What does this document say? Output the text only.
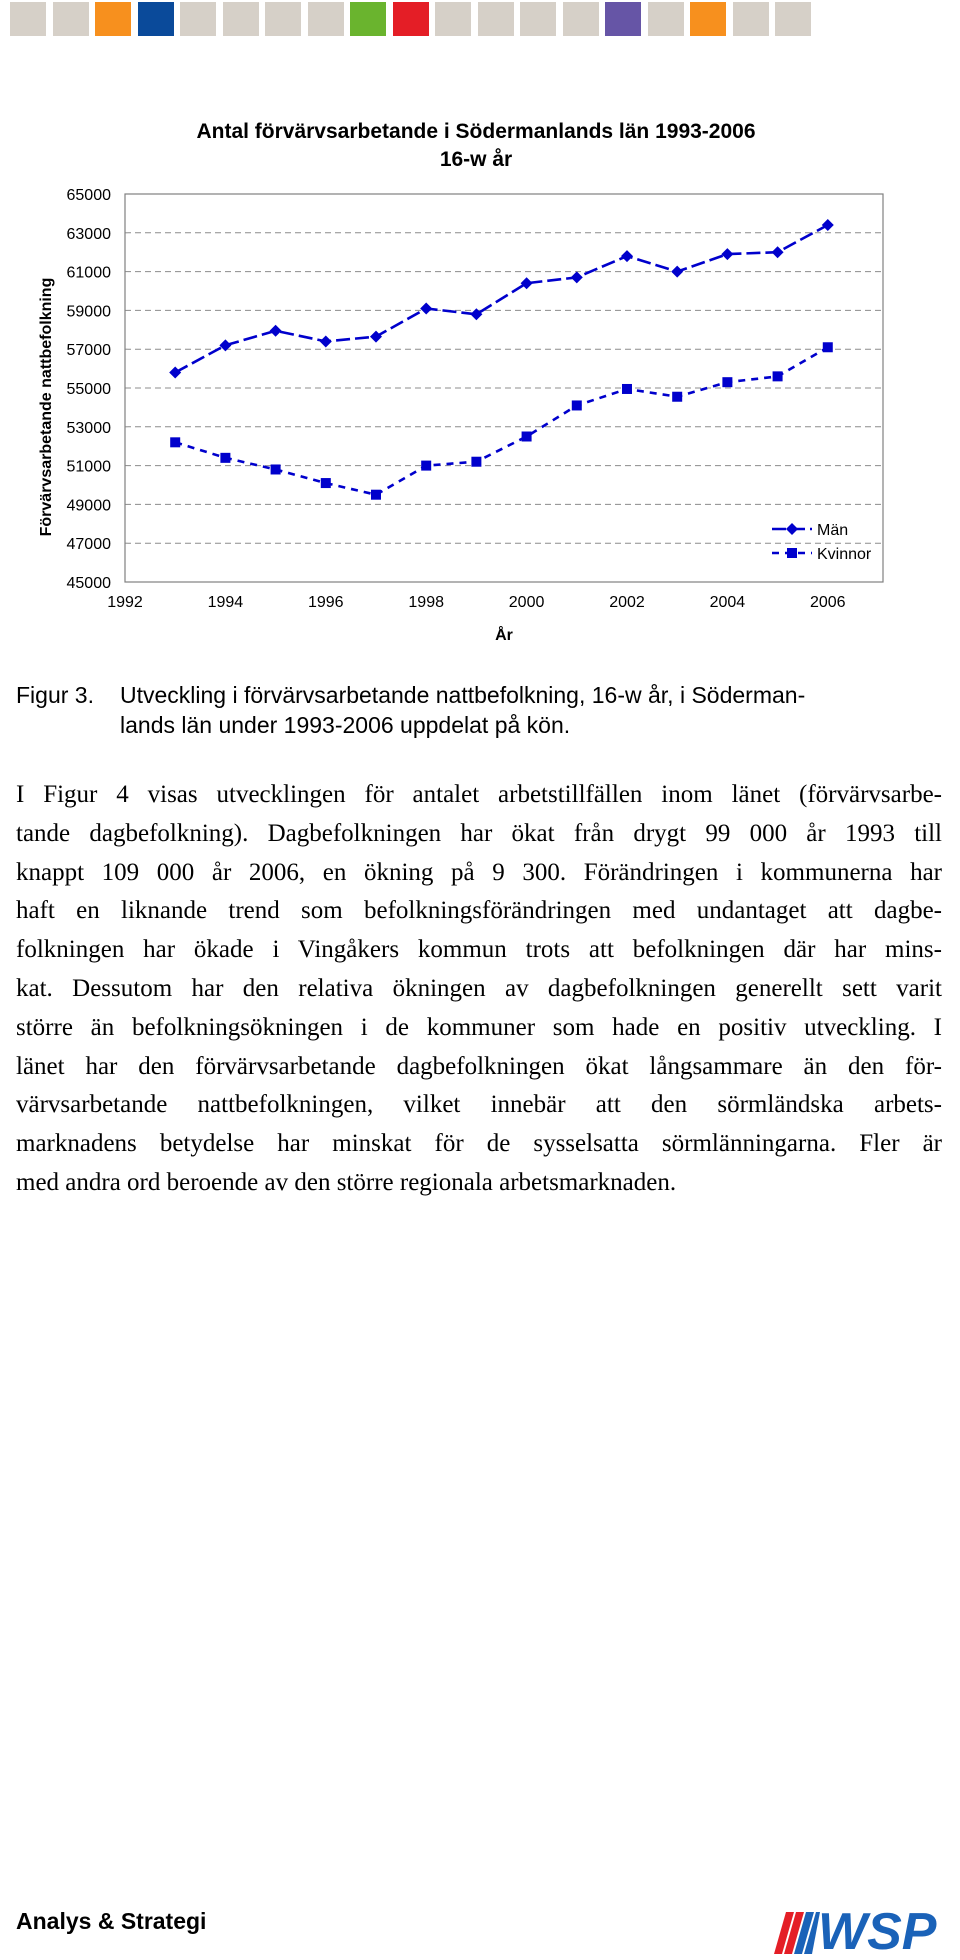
Antal förvärvsarbetande i Södermanlands län 1993-2006
16-w år
Förvärvsarbetande nattbefolkning
År
65000
63000
61000
59000
57000
55000
53000
51000
49000
47000
45000
1992	1994	1996	1998	2000	2002	2004	2006
Män
Kvinnor
Figur 3. Utveckling i förvärvsarbetande nattbefolkning, 16-w år, i Söderman-
lands län under 1993-2006 uppdelat på kön.
I Figur 4 visas utvecklingen för antalet arbetstillfällen inom länet (förvärvsarbe-
tande dagbefolkning). Dagbefolkningen har ökat från drygt 99 000 år 1993 till
knappt 109 000 år 2006, en ökning på 9 300. Förändringen i kommunerna har
haft en liknande trend som befolkningsförändringen med undantaget att dagbe-
folkningen har ökade i Vingåkers kommun trots att befolkningen där har mins-
kat. Dessutom har den relativa ökningen av dagbefolkningen generellt sett varit
större än befolkningsökningen i de kommuner som hade en positiv utveckling. I
länet har den förvärvsarbetande dagbefolkningen ökat långsammare än den för-
värvsarbetande nattbefolkningen, vilket innebär att den sörmländska arbets-
marknadens betydelse har minskat för de sysselsatta sörmlänningarna. Fler är
med andra ord beroende av den större regionala arbetsmarknaden.
Analys & Strategi	WSP
